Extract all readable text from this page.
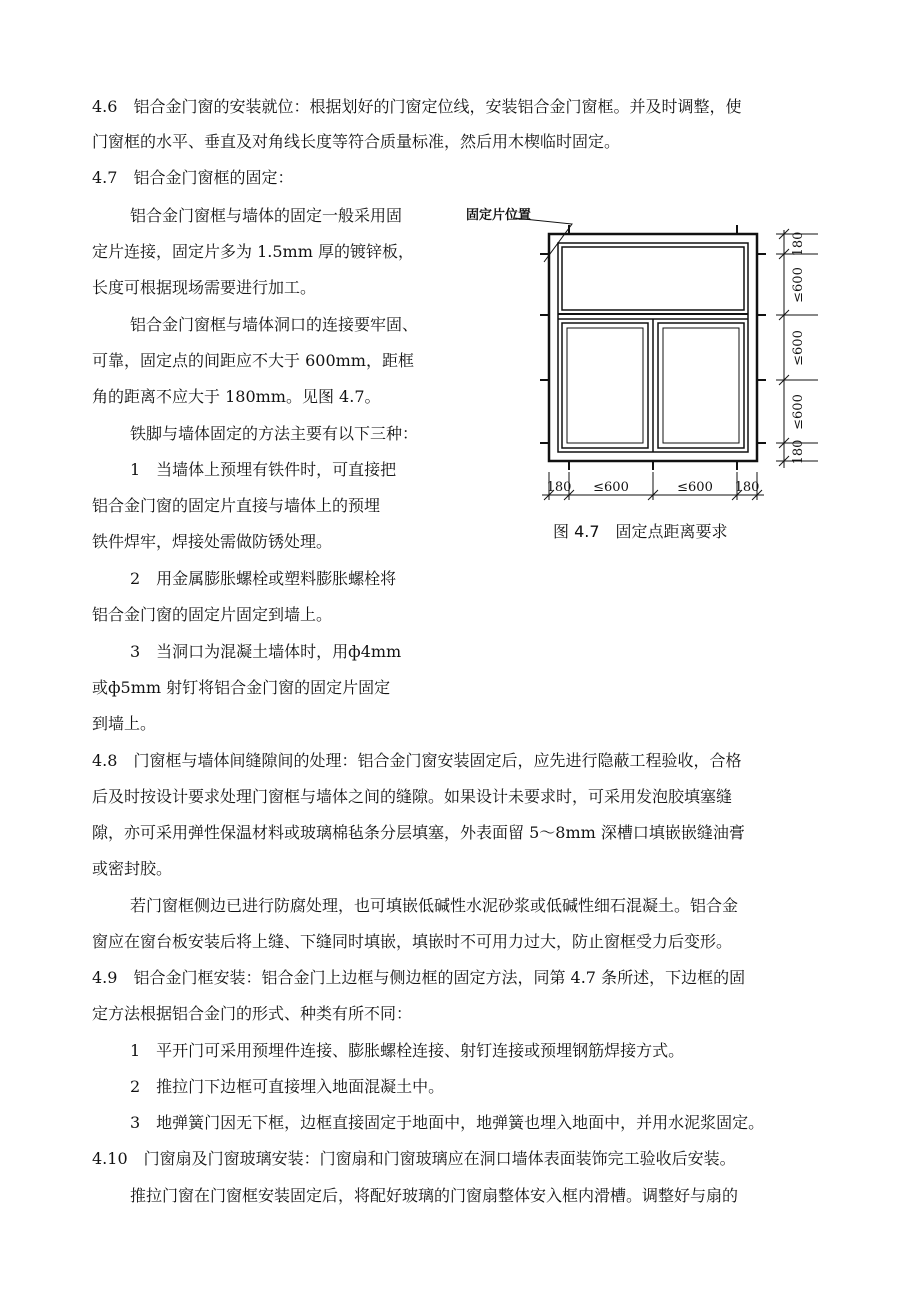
4.6　铝合金门窗的安装就位：根据划好的门窗定位线，安装铝合金门窗框。并及时调整，使
门窗框的水平、垂直及对角线长度等符合质量标准，然后用木楔临时固定。
4.7　铝合金门窗框的固定：
铝合金门窗框与墙体的固定一般采用固
定片连接，固定片多为 1.5mm 厚的镀锌板，
长度可根据现场需要进行加工。
铝合金门窗框与墙体洞口的连接要牢固、
可靠，固定点的间距应不大于 600mm，距框
角的距离不应大于 180mm。见图 4.7。
铁脚与墙体固定的方法主要有以下三种：
1　当墙体上预埋有铁件时，可直接把
铝合金门窗的固定片直接与墙体上的预埋
铁件焊牢，焊接处需做防锈处理。
2　用金属膨胀螺栓或塑料膨胀螺栓将
铝合金门窗的固定片固定到墙上。
3　当洞口为混凝土墙体时，用ф4mm
或ф5mm 射钉将铝合金门窗的固定片固定
到墙上。
固定片位置
180
≤600
≤600
≤600
180
180 ≤600	≤600 180
图 4.7　固定点距离要求
4.8　门窗框与墙体间缝隙间的处理：铝合金门窗安装固定后，应先进行隐蔽工程验收，合格
后及时按设计要求处理门窗框与墙体之间的缝隙。如果设计未要求时，可采用发泡胶填塞缝
隙，亦可采用弹性保温材料或玻璃棉毡条分层填塞，外表面留 5～8mm 深槽口填嵌嵌缝油膏
或密封胶。
若门窗框侧边已进行防腐处理，也可填嵌低碱性水泥砂浆或低碱性细石混凝土。铝合金
窗应在窗台板安装后将上缝、下缝同时填嵌，填嵌时不可用力过大，防止窗框受力后变形。
4.9　铝合金门框安装：铝合金门上边框与侧边框的固定方法，同第 4.7 条所述，下边框的固
定方法根据铝合金门的形式、种类有所不同：
1　平开门可采用预埋件连接、膨胀螺栓连接、射钉连接或预埋钢筋焊接方式。
2　推拉门下边框可直接埋入地面混凝土中。
3　地弹簧门因无下框，边框直接固定于地面中，地弹簧也埋入地面中，并用水泥浆固定。
4.10　门窗扇及门窗玻璃安装：门窗扇和门窗玻璃应在洞口墙体表面装饰完工验收后安装。
推拉门窗在门窗框安装固定后，将配好玻璃的门窗扇整体安入框内滑槽。调整好与扇的
